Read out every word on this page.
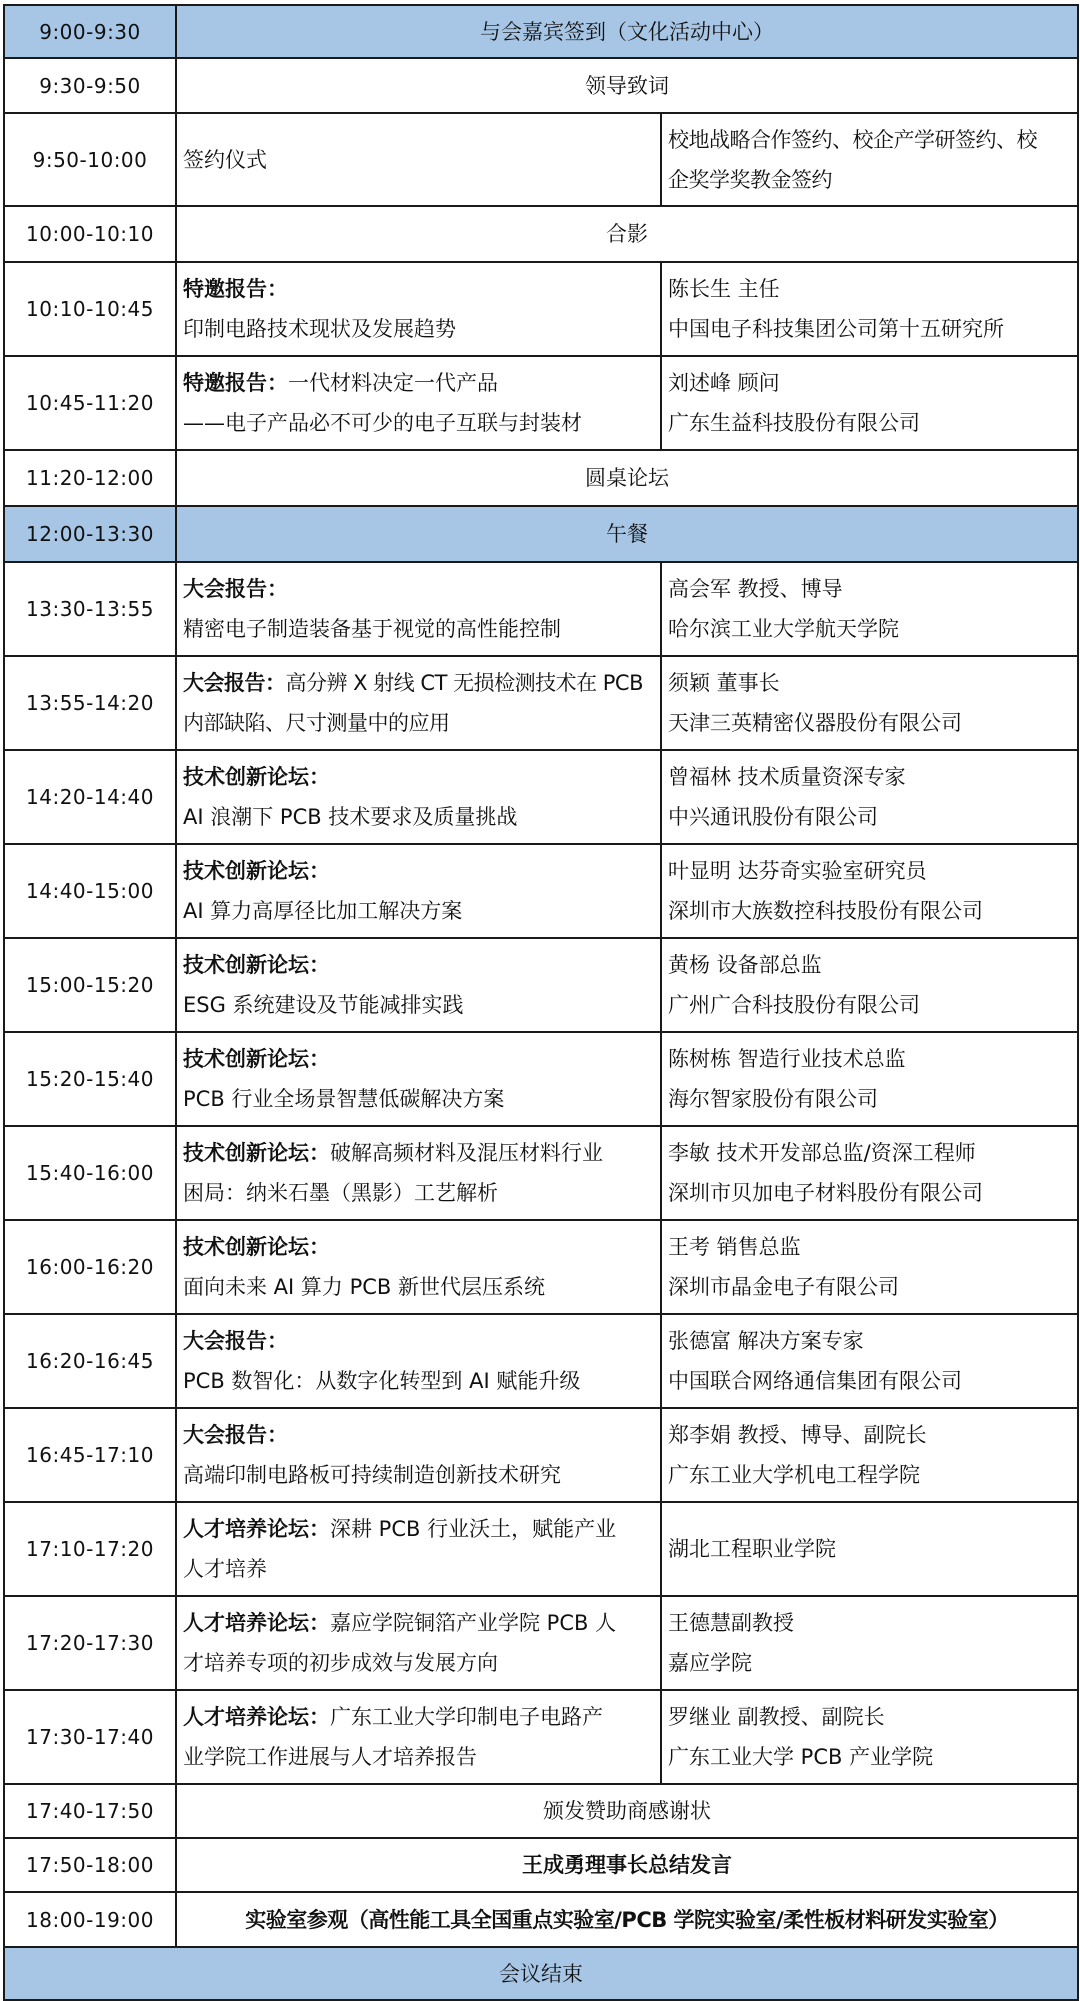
9:00-9:30	与会嘉宾签到（文化活动中心）	
9:30-9:50	领导致词	
9:50-10:00	签约仪式	校地战略合作签约、校企产学研签约、校
企奖学奖教金签约

10:00-10:10	合影	
10:10-10:45	特邀报告：
印制电路技术现状及发展趋势	陈长生 主任
中国电子科技集团公司第十五研究所

10:45-11:20	特邀报告：一代材料决定一代产品
——电子产品必不可少的电子互联与封装材	刘述峰 顾问
广东生益科技股份有限公司

11:20-12:00	圆桌论坛	
12:00-13:30	午餐	
13:30-13:55	大会报告：
精密电子制造装备基于视觉的高性能控制	高会军 教授、博导
哈尔滨工业大学航天学院

13:55-14:20	大会报告：高分辨 X 射线 CT 无损检测技术在 PCB
内部缺陷、尺寸测量中的应用	须颖 董事长
天津三英精密仪器股份有限公司

14:20-14:40	技术创新论坛：
AI 浪潮下 PCB 技术要求及质量挑战	曾福林 技术质量资深专家
中兴通讯股份有限公司

14:40-15:00	技术创新论坛：
AI 算力高厚径比加工解决方案	叶显明 达芬奇实验室研究员
深圳市大族数控科技股份有限公司

15:00-15:20	技术创新论坛：
ESG 系统建设及节能减排实践	黄杨 设备部总监
广州广合科技股份有限公司

15:20-15:40	技术创新论坛：
PCB 行业全场景智慧低碳解决方案	陈树栋 智造行业技术总监
海尔智家股份有限公司

15:40-16:00	技术创新论坛：破解高频材料及混压材料行业
困局：纳米石墨（黑影）工艺解析	李敏 技术开发部总监/资深工程师
深圳市贝加电子材料股份有限公司

16:00-16:20	技术创新论坛：
面向未来 AI 算力 PCB 新世代层压系统	王考 销售总监
深圳市晶金电子有限公司

16:20-16:45	大会报告：
PCB 数智化：从数字化转型到 AI 赋能升级	张德富 解决方案专家
中国联合网络通信集团有限公司

16:45-17:10	大会报告：
高端印制电路板可持续制造创新技术研究	郑李娟 教授、博导、副院长
广东工业大学机电工程学院

17:10-17:20	人才培养论坛：深耕 PCB 行业沃土，赋能产业
人才培养	湖北工程职业学院

17:20-17:30	人才培养论坛：嘉应学院铜箔产业学院 PCB 人
才培养专项的初步成效与发展方向	王德慧副教授
嘉应学院

17:30-17:40	人才培养论坛：广东工业大学印制电子电路产
业学院工作进展与人才培养报告	罗继业 副教授、副院长
广东工业大学 PCB 产业学院

17:40-17:50	颁发赞助商感谢状	
17:50-18:00	王成勇理事长总结发言	
18:00-19:00	实验室参观（高性能工具全国重点实验室/PCB 学院实验室/柔性板材料研发实验室）	
会议结束		
